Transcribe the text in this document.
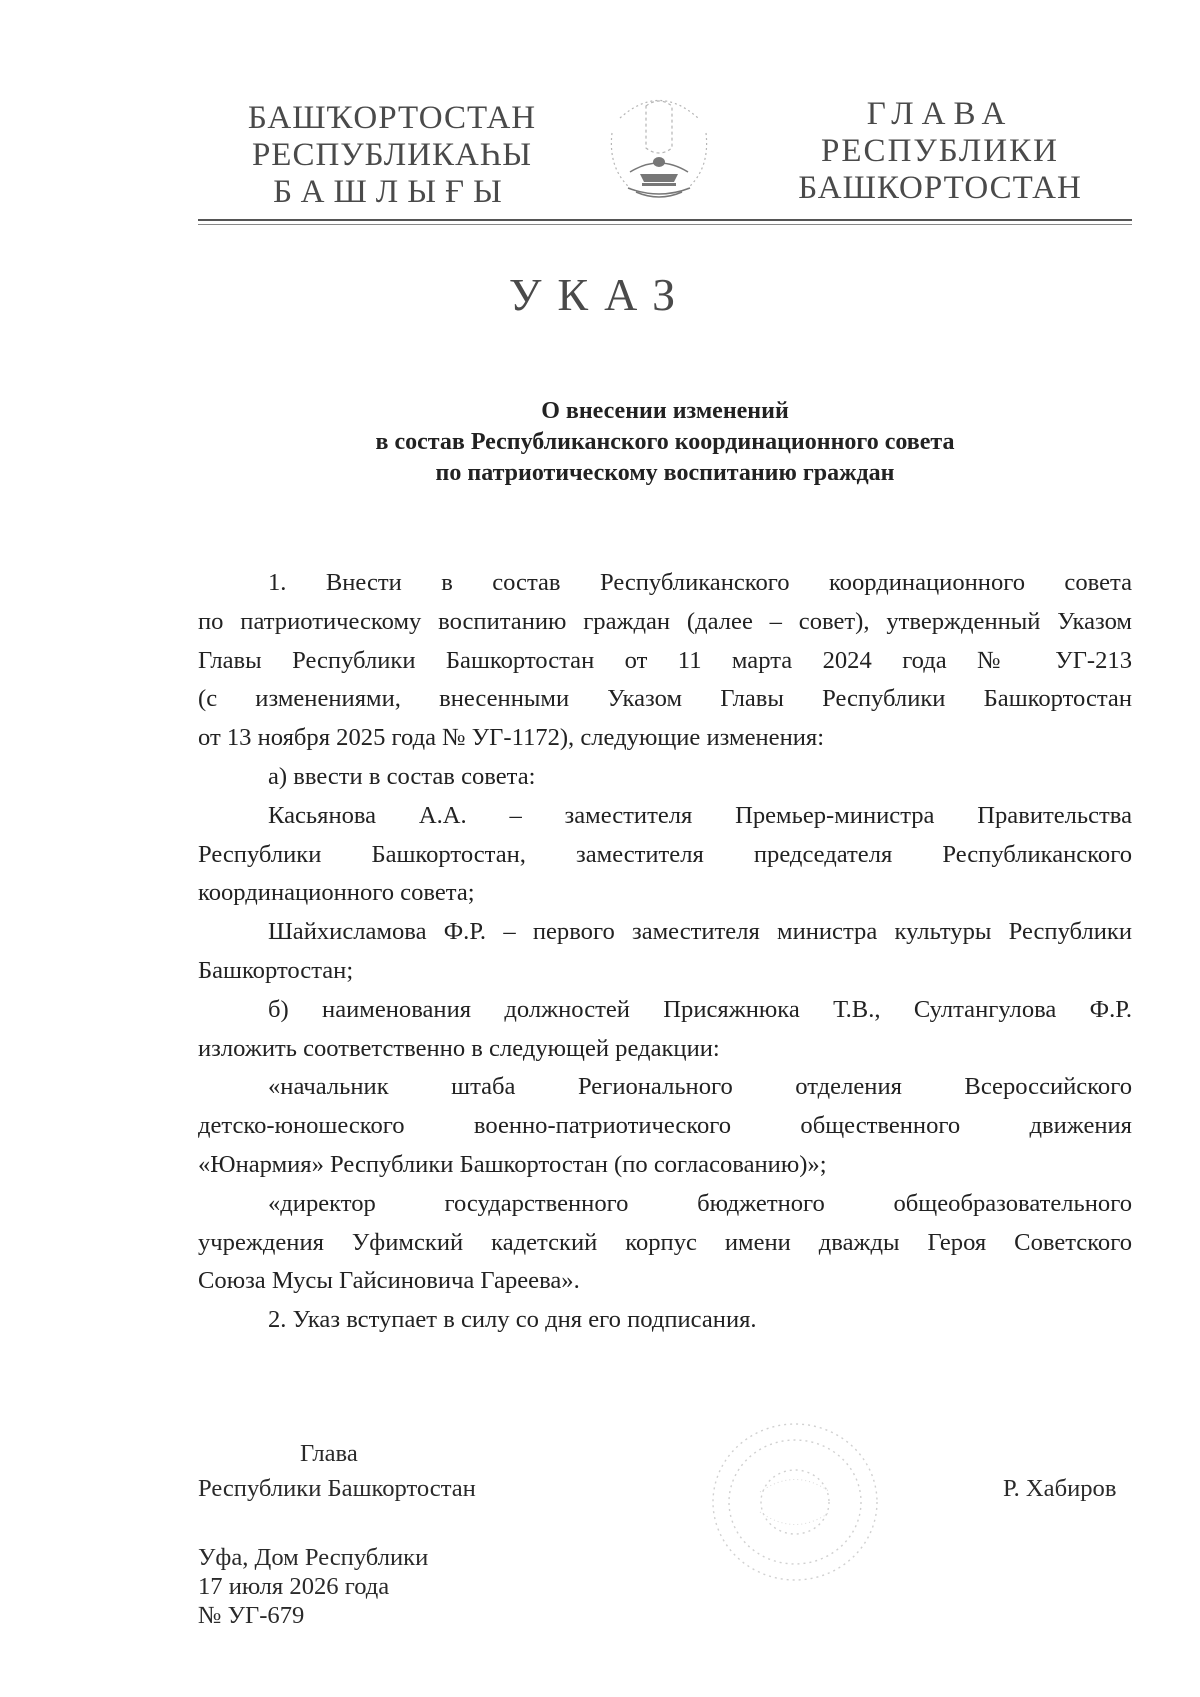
БАШҠОРТОСТАН
РЕСПУБЛИКАҺЫ
БАШЛЫҒЫ
ГЛАВА
РЕСПУБЛИКИ
БАШКОРТОСТАН
УКАЗ
О внесении изменений
в состав Республиканского координационного совета
по патриотическому воспитанию граждан

1. Внести в состав Республиканского координационного совета
по патриотическому воспитанию граждан (далее – совет), утвержденный Указом
Главы Республики Башкортостан от 11 марта 2024 года № УГ-213
(с изменениями, внесенными Указом Главы Республики Башкортостан
от 13 ноября 2025 года № УГ-1172), следующие изменения:

а) ввести в состав совета:

Касьянова А.А. – заместителя Премьер-министра Правительства
Республики Башкортостан, заместителя председателя Республиканского
координационного совета;

Шайхисламова Ф.Р. – первого заместителя министра культуры Республики
Башкортостан;

б) наименования должностей Присяжнюка Т.В., Султангулова Ф.Р.
изложить соответственно в следующей редакции:

«начальник штаба Регионального отделения Всероссийского
детско-юношеского военно-патриотического общественного движения
«Юнармия» Республики Башкортостан (по согласованию)»;

«директор государственного бюджетного общеобразовательного
учреждения Уфимский кадетский корпус имени дважды Героя Советского
Союза Мусы Гайсиновича Гареева».

2. Указ вступает в силу со дня его подписания.

Глава
Республики Башкортостан	Р. Хабиров
Уфа, Дом Республики
17 июля 2026 года
№ УГ-679
